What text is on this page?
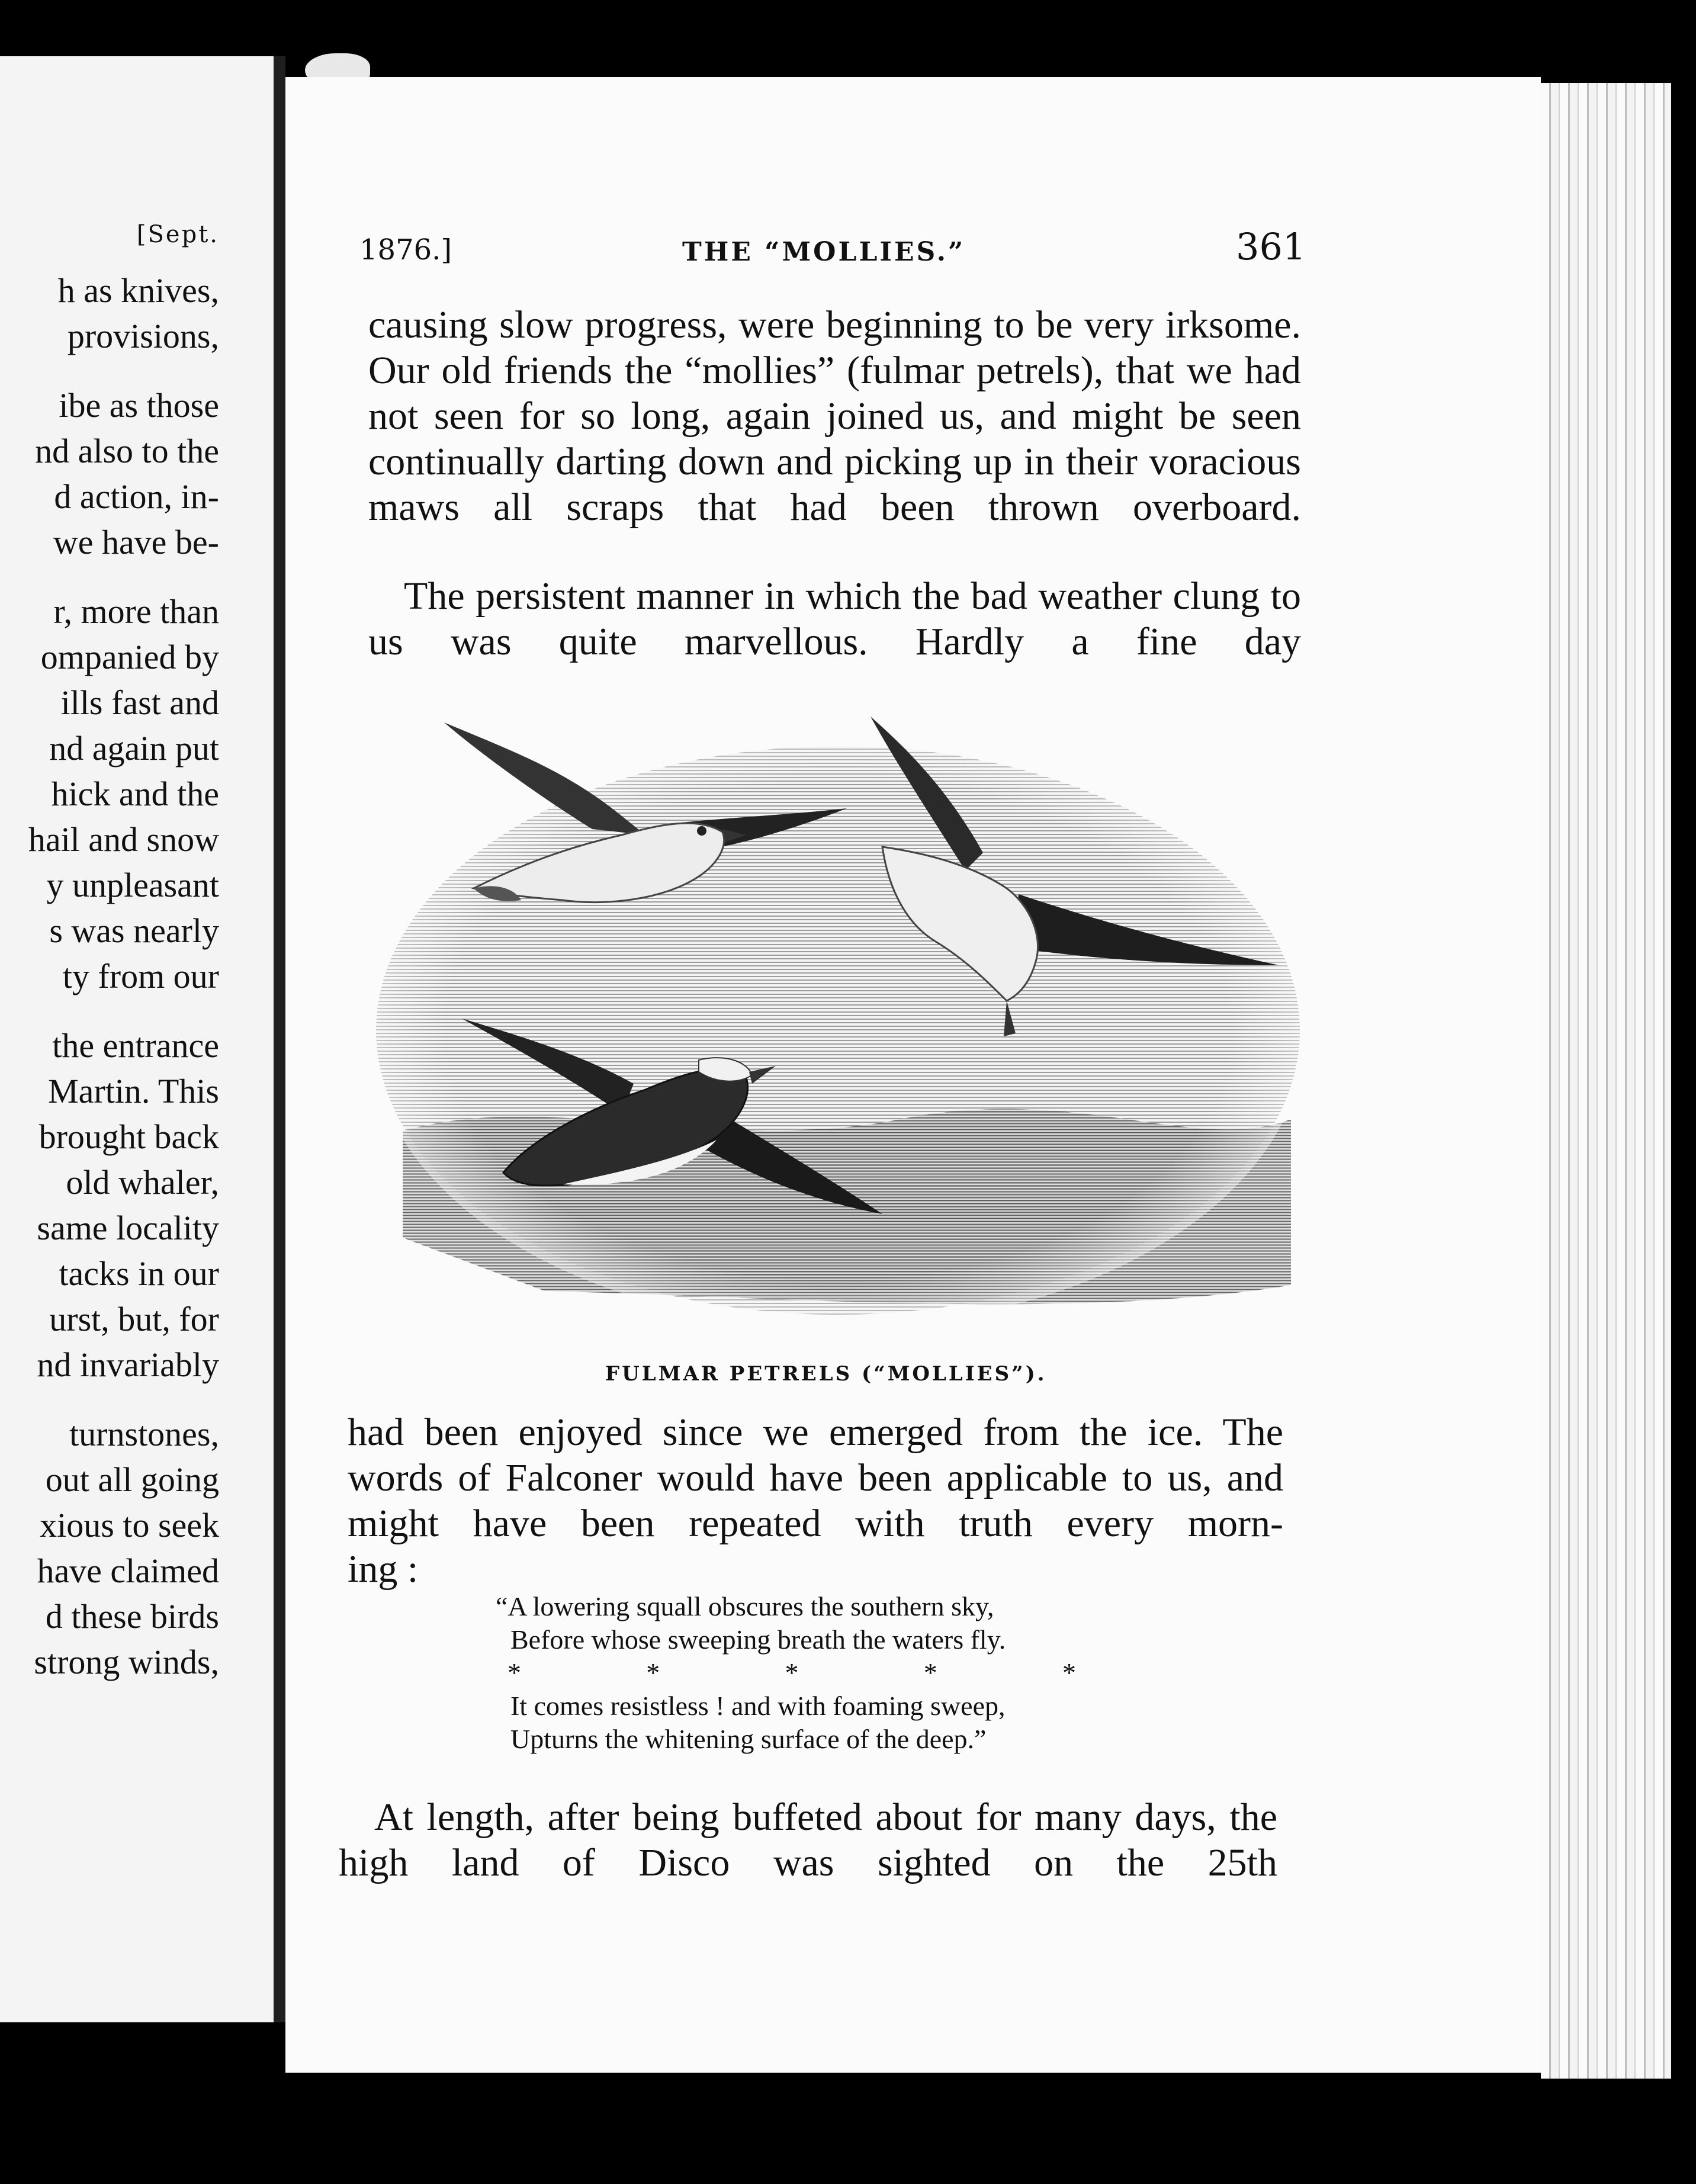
[Sept.
h as knives,
provisions,
ibe as those
nd also to the
d action, in-
we have be-
r, more than
ompanied by
ills fast and
nd again put
hick and the
hail and snow
y unpleasant
s was nearly
ty from our
the entrance
Martin. This
brought back
old whaler,
same locality
tacks in our
urst, but, for
nd invariably
turnstones,
out all going
xious to seek
have claimed
d these birds
strong winds,
1876.]	THE “MOLLIES.”	361
causing slow progress, were beginning to be very irksome. Our old friends the “mollies” (fulmar petrels), that we had not seen for so long, again joined us, and might be seen continually darting down and picking up in their voracious maws all scraps that had been thrown overboard.
The persistent manner in which the bad weather clung to us was quite marvellous. Hardly a fine day
FULMAR PETRELS (“MOLLIES”).
had been enjoyed since we emerged from the ice. The words of Falconer would have been applicable to us, and might have been repeated with truth every morn-
ing :
“A lowering squall obscures the southern sky,
Before whose sweeping breath the waters fly.
*	*	*	*	*
It comes resistless ! and with foaming sweep,
Upturns the whitening surface of the deep.”
At length, after being buffeted about for many days, the high land of Disco was sighted on the 25th
